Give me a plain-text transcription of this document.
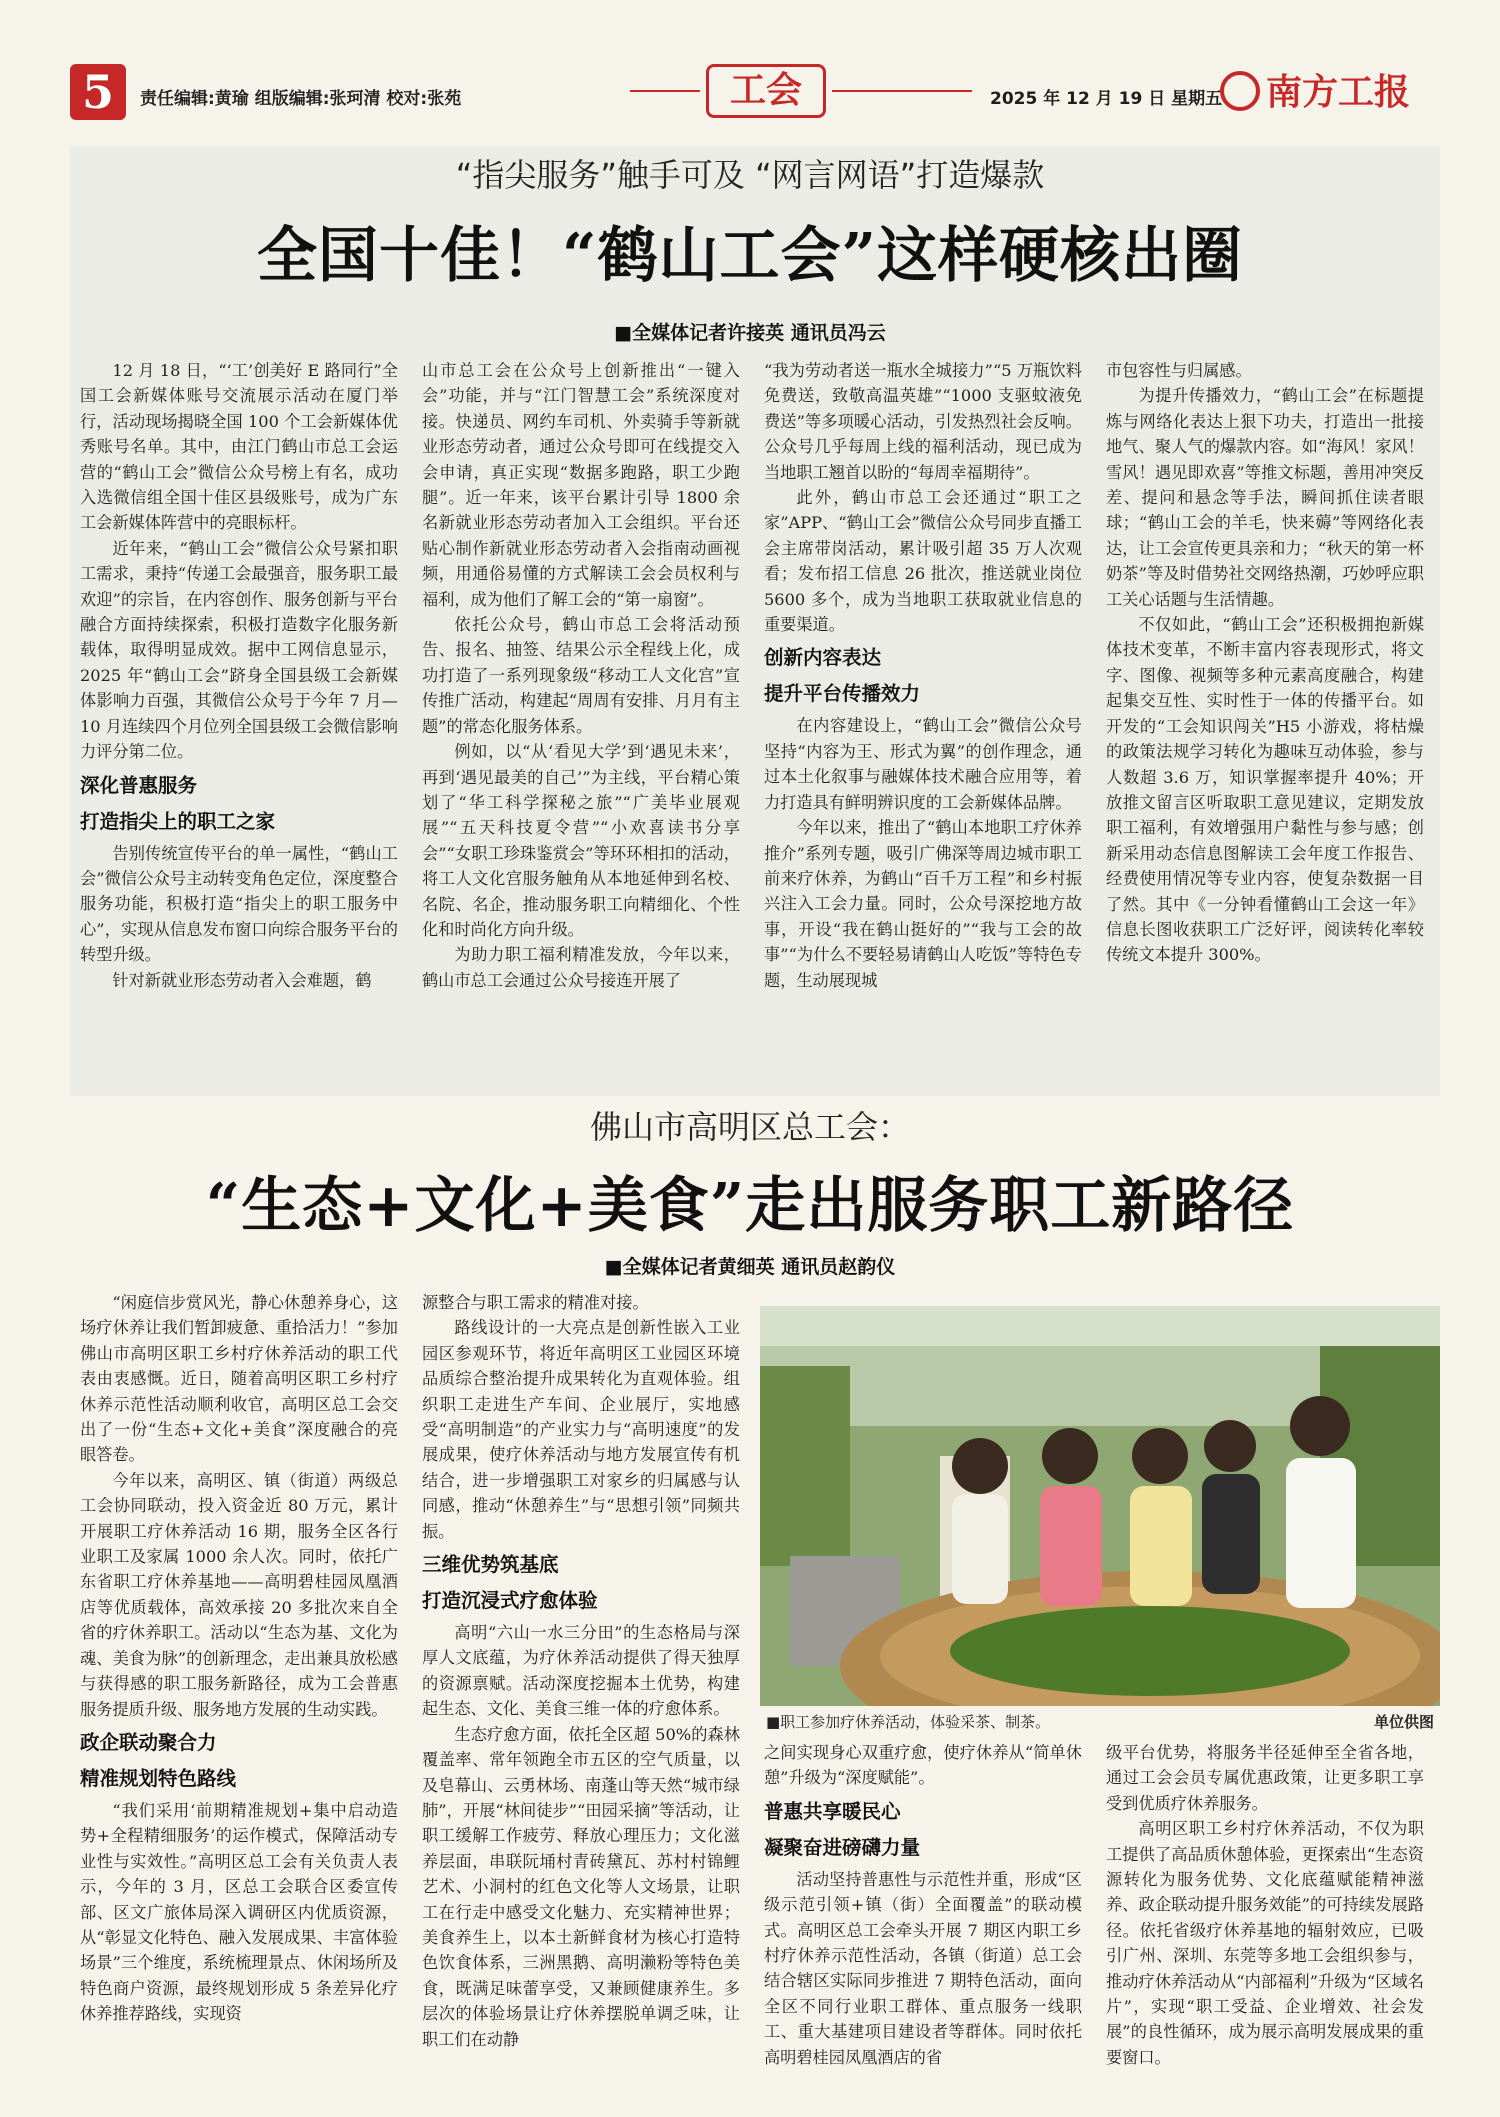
5	责任编辑:黄瑜 组版编辑:张珂清 校对:张苑	工会	2025 年 12 月 19 日 星期五	南方工报
“指尖服务”触手可及 “网言网语”打造爆款
全国十佳！“鹤山工会”这样硬核出圈
■全媒体记者许接英 通讯员冯云

12 月 18 日，“‘工’创美好 E 路同行”全国工会新媒体账号交流展示活动在厦门举行，活动现场揭晓全国 100 个工会新媒体优秀账号名单。其中，由江门鹤山市总工会运营的“鹤山工会”微信公众号榜上有名，成功入选微信组全国十佳区县级账号，成为广东工会新媒体阵营中的亮眼标杆。

近年来，“鹤山工会”微信公众号紧扣职工需求，秉持“传递工会最强音，服务职工最欢迎”的宗旨，在内容创作、服务创新与平台融合方面持续探索，积极打造数字化服务新载体，取得明显成效。据中工网信息显示，2025 年“鹤山工会”跻身全国县级工会新媒体影响力百强，其微信公众号于今年 7 月—10 月连续四个月位列全国县级工会微信影响力评分第二位。

深化普惠服务

打造指尖上的职工之家

告别传统宣传平台的单一属性，“鹤山工会”微信公众号主动转变角色定位，深度整合服务功能，积极打造“指尖上的职工服务中心”，实现从信息发布窗口向综合服务平台的转型升级。

针对新就业形态劳动者入会难题，鹤

山市总工会在公众号上创新推出“一键入会”功能，并与“江门智慧工会”系统深度对接。快递员、网约车司机、外卖骑手等新就业形态劳动者，通过公众号即可在线提交入会申请，真正实现“数据多跑路，职工少跑腿”。近一年来，该平台累计引导 1800 余名新就业形态劳动者加入工会组织。平台还贴心制作新就业形态劳动者入会指南动画视频，用通俗易懂的方式解读工会会员权利与福利，成为他们了解工会的“第一扇窗”。

依托公众号，鹤山市总工会将活动预告、报名、抽签、结果公示全程线上化，成功打造了一系列现象级“移动工人文化宫”宣传推广活动，构建起“周周有安排、月月有主题”的常态化服务体系。

例如，以“从‘看见大学’到‘遇见未来’，再到‘遇见最美的自己’”为主线，平台精心策划了“华工科学探秘之旅”“广美毕业展观展”“五天科技夏令营”“小欢喜读书分享会”“女职工珍珠鉴赏会”等环环相扣的活动，将工人文化宫服务触角从本地延伸到名校、名院、名企，推动服务职工向精细化、个性化和时尚化方向升级。

为助力职工福利精准发放，今年以来，鹤山市总工会通过公众号接连开展了

“我为劳动者送一瓶水全城接力”“5 万瓶饮料免费送，致敬高温英雄”“1000 支驱蚊液免费送”等多项暖心活动，引发热烈社会反响。公众号几乎每周上线的福利活动，现已成为当地职工翘首以盼的“每周幸福期待”。

此外，鹤山市总工会还通过“职工之家”APP、“鹤山工会”微信公众号同步直播工会主席带岗活动，累计吸引超 35 万人次观看；发布招工信息 26 批次，推送就业岗位 5600 多个，成为当地职工获取就业信息的重要渠道。

创新内容表达

提升平台传播效力

在内容建设上，“鹤山工会”微信公众号坚持“内容为王、形式为翼”的创作理念，通过本土化叙事与融媒体技术融合应用等，着力打造具有鲜明辨识度的工会新媒体品牌。

今年以来，推出了“鹤山本地职工疗休养推介”系列专题，吸引广佛深等周边城市职工前来疗休养，为鹤山“百千万工程”和乡村振兴注入工会力量。同时，公众号深挖地方故事，开设“我在鹤山挺好的”“我与工会的故事”“为什么不要轻易请鹤山人吃饭”等特色专题，生动展现城

市包容性与归属感。

为提升传播效力，“鹤山工会”在标题提炼与网络化表达上狠下功夫，打造出一批接地气、聚人气的爆款内容。如“海风！家风！雪风！遇见即欢喜”等推文标题，善用冲突反差、提问和悬念等手法，瞬间抓住读者眼球；“鹤山工会的羊毛，快来薅”等网络化表达，让工会宣传更具亲和力；“秋天的第一杯奶茶”等及时借势社交网络热潮，巧妙呼应职工关心话题与生活情趣。

不仅如此，“鹤山工会”还积极拥抱新媒体技术变革，不断丰富内容表现形式，将文字、图像、视频等多种元素高度融合，构建起集交互性、实时性于一体的传播平台。如开发的“工会知识闯关”H5 小游戏，将枯燥的政策法规学习转化为趣味互动体验，参与人数超 3.6 万，知识掌握率提升 40%；开放推文留言区听取职工意见建议，定期发放职工福利，有效增强用户黏性与参与感；创新采用动态信息图解读工会年度工作报告、经费使用情况等专业内容，使复杂数据一目了然。其中《一分钟看懂鹤山工会这一年》信息长图收获职工广泛好评，阅读转化率较传统文本提升 300%。

佛山市高明区总工会：
“生态+文化+美食”走出服务职工新路径
■全媒体记者黄细英 通讯员赵韵仪

“闲庭信步赏风光，静心休憩养身心，这场疗休养让我们暂卸疲惫、重拾活力！”参加佛山市高明区职工乡村疗休养活动的职工代表由衷感慨。近日，随着高明区职工乡村疗休养示范性活动顺利收官，高明区总工会交出了一份“生态+文化+美食”深度融合的亮眼答卷。

今年以来，高明区、镇（街道）两级总工会协同联动，投入资金近 80 万元，累计开展职工疗休养活动 16 期，服务全区各行业职工及家属 1000 余人次。同时，依托广东省职工疗休养基地——高明碧桂园凤凰酒店等优质载体，高效承接 20 多批次来自全省的疗休养职工。活动以“生态为基、文化为魂、美食为脉”的创新理念，走出兼具放松感与获得感的职工服务新路径，成为工会普惠服务提质升级、服务地方发展的生动实践。

政企联动聚合力

精准规划特色路线

“我们采用‘前期精准规划+集中启动造势+全程精细服务’的运作模式，保障活动专业性与实效性。”高明区总工会有关负责人表示，今年的 3 月，区总工会联合区委宣传部、区文广旅体局深入调研区内优质资源，从“彰显文化特色、融入发展成果、丰富体验场景”三个维度，系统梳理景点、休闲场所及特色商户资源，最终规划形成 5 条差异化疗休养推荐路线，实现资

源整合与职工需求的精准对接。

路线设计的一大亮点是创新性嵌入工业园区参观环节，将近年高明区工业园区环境品质综合整治提升成果转化为直观体验。组织职工走进生产车间、企业展厅，实地感受“高明制造”的产业实力与“高明速度”的发展成果，使疗休养活动与地方发展宣传有机结合，进一步增强职工对家乡的归属感与认同感，推动“休憩养生”与“思想引领”同频共振。

三维优势筑基底

打造沉浸式疗愈体验

高明“六山一水三分田”的生态格局与深厚人文底蕴，为疗休养活动提供了得天独厚的资源禀赋。活动深度挖掘本土优势，构建起生态、文化、美食三维一体的疗愈体系。

生态疗愈方面，依托全区超 50%的森林覆盖率、常年领跑全市五区的空气质量，以及皂幕山、云勇林场、南蓬山等天然“城市绿肺”，开展“林间徒步”“田园采摘”等活动，让职工缓解工作疲劳、释放心理压力；文化滋养层面，串联阮埇村青砖黛瓦、苏村村锦鲤艺术、小洞村的红色文化等人文场景，让职工在行走中感受文化魅力、充实精神世界；美食养生上，以本土新鲜食材为核心打造特色饮食体系，三洲黑鹅、高明濑粉等特色美食，既满足味蕾享受，又兼顾健康养生。多层次的体验场景让疗休养摆脱单调乏味，让职工们在动静

之间实现身心双重疗愈，使疗休养从“简单休憩”升级为“深度赋能”。

普惠共享暖民心

凝聚奋进磅礴力量

活动坚持普惠性与示范性并重，形成“区级示范引领+镇（街）全面覆盖”的联动模式。高明区总工会牵头开展 7 期区内职工乡村疗休养示范性活动，各镇（街道）总工会结合辖区实际同步推进 7 期特色活动，面向全区不同行业职工群体、重点服务一线职工、重大基建项目建设者等群体。同时依托高明碧桂园凤凰酒店的省

级平台优势，将服务半径延伸至全省各地，通过工会会员专属优惠政策，让更多职工享受到优质疗休养服务。

高明区职工乡村疗休养活动，不仅为职工提供了高品质休憩体验，更探索出“生态资源转化为服务优势、文化底蕴赋能精神滋养、政企联动提升服务效能”的可持续发展路径。依托省级疗休养基地的辐射效应，已吸引广州、深圳、东莞等多地工会组织参与，推动疗休养活动从“内部福利”升级为“区域名片”，实现“职工受益、企业增效、社会发展”的良性循环，成为展示高明发展成果的重要窗口。

■职工参加疗休养活动，体验采茶、制茶。	单位供图
